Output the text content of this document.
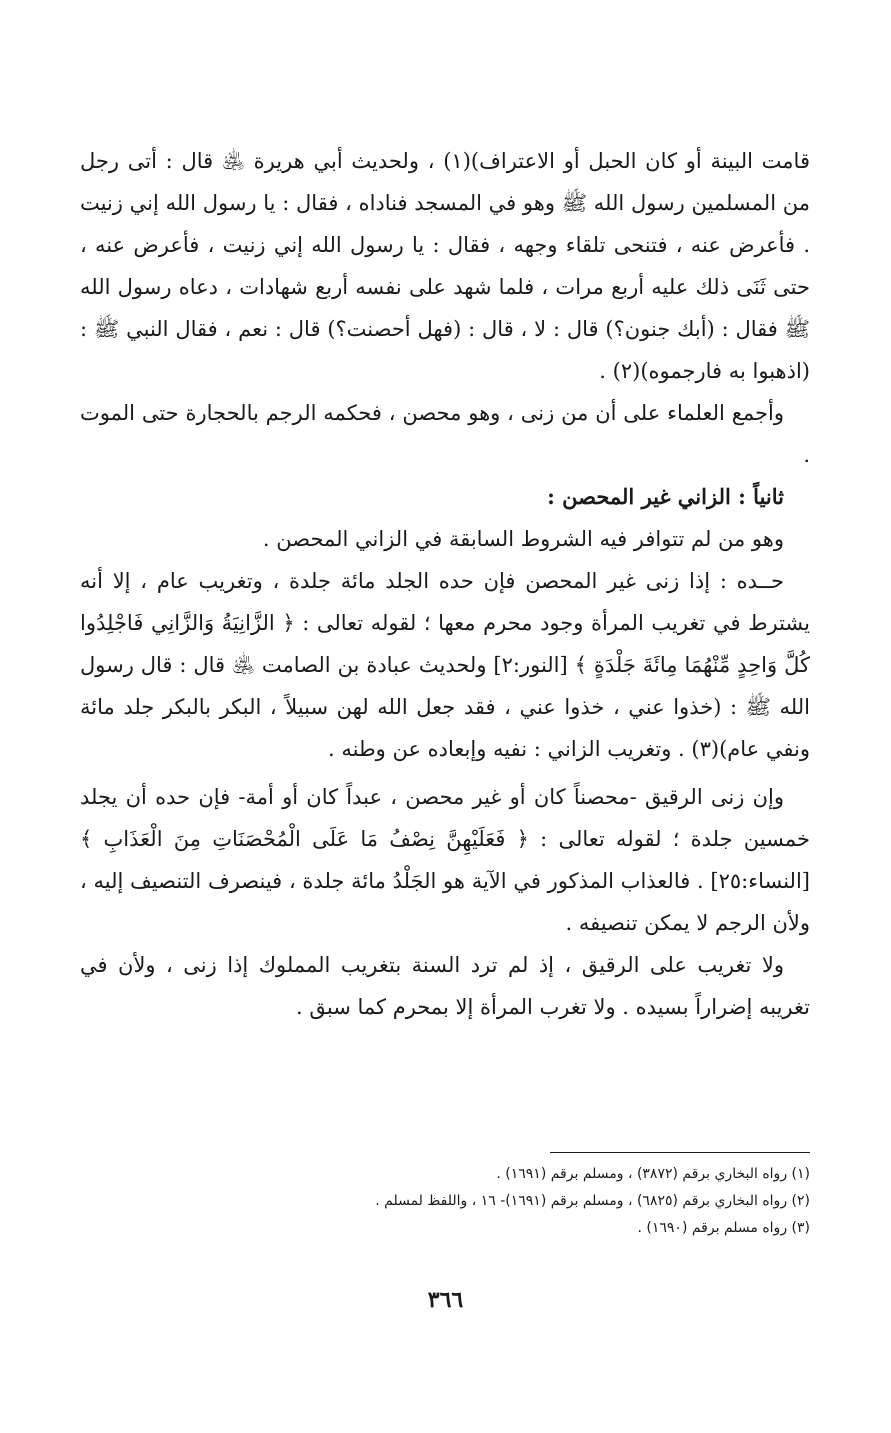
قامت البينة أو كان الحبل أو الاعتراف)(١) ، ولحديث أبي هريرة ﵁ قال : أتى رجل من المسلمين رسول الله ﷺ وهو في المسجد فناداه ، فقال : يا رسول الله إني زنيت . فأعرض عنه ، فتنحى تلقاء وجهه ، فقال : يا رسول الله إني زنيت ، فأعرض عنه ، حتى ثَنَى ذلك عليه أربع مرات ، فلما شهد على نفسه أربع شهادات ، دعاه رسول الله ﷺ فقال : (أبك جنون؟) قال : لا ، قال : (فهل أحصنت؟) قال : نعم ، فقال النبي ﷺ : (اذهبوا به فارجموه)(٢) .

وأجمع العلماء على أن من زنى ، وهو محصن ، فحكمه الرجم بالحجارة حتى الموت .

ثانياً : الزاني غير المحصن :

وهو من لم تتوافر فيه الشروط السابقة في الزاني المحصن .

حــده : إذا زنى غير المحصن فإن حده الجلد مائة جلدة ، وتغريب عام ، إلا أنه يشترط في تغريب المرأة وجود محرم معها ؛ لقوله تعالى : ﴿ الزَّانِيَةُ وَالزَّانِي فَاجْلِدُوا كُلَّ وَاحِدٍ مِّنْهُمَا مِائَةَ جَلْدَةٍ ﴾ [النور:٢] ولحديث عبادة بن الصامت ﵁ قال : قال رسول الله ﷺ : (خذوا عني ، خذوا عني ، فقد جعل الله لهن سبيلاً ، البكر بالبكر جلد مائة ونفي عام)(٣) . وتغريب الزاني : نفيه وإبعاده عن وطنه .

وإن زنى الرقيق -محصناً كان أو غير محصن ، عبداً كان أو أمة- فإن حده أن يجلد خمسين جلدة ؛ لقوله تعالى : ﴿ فَعَلَيْهِنَّ نِصْفُ مَا عَلَى الْمُحْصَنَاتِ مِنَ الْعَذَابِ ﴾ [النساء:٢٥] . فالعذاب المذكور في الآية هو الجَلْدُ مائة جلدة ، فينصرف التنصيف إليه ، ولأن الرجم لا يمكن تنصيفه .

ولا تغريب على الرقيق ، إذ لم ترد السنة بتغريب المملوك إذا زنى ، ولأن في تغريبه إضراراً بسيده . ولا تغرب المرأة إلا بمحرم كما سبق .

(١) رواه البخاري برقم (٣٨٧٢) ، ومسلم برقم (١٦٩١) .

(٢) رواه البخاري برقم (٦٨٢٥) ، ومسلم برقم (١٦٩١)- ١٦ ، واللفظ لمسلم .

(٣) رواه مسلم برقم (١٦٩٠) .

٣٦٦
